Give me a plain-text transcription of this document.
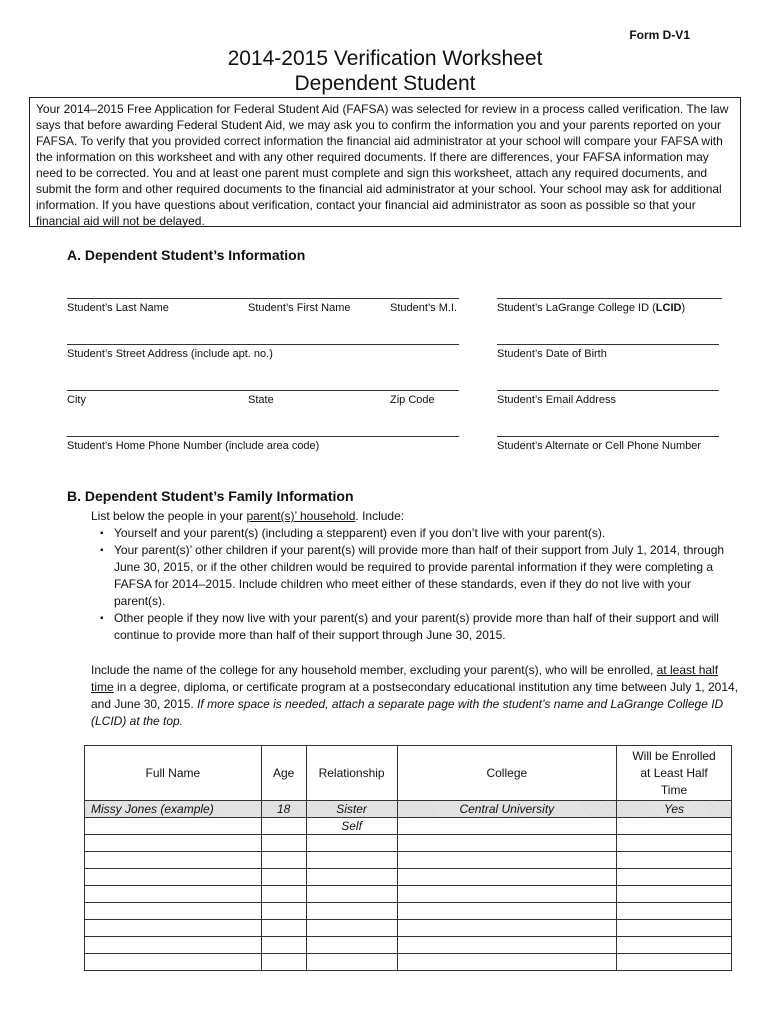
Form D-V1
2014-2015 Verification Worksheet
Dependent Student
Your 2014–2015 Free Application for Federal Student Aid (FAFSA) was selected for review in a process called verification. The law says that before awarding Federal Student Aid, we may ask you to confirm the information you and your parents reported on your FAFSA. To verify that you provided correct information the financial aid administrator at your school will compare your FAFSA with the information on this worksheet and with any other required documents. If there are differences, your FAFSA information may need to be corrected. You and at least one parent must complete and sign this worksheet, attach any required documents, and submit the form and other required documents to the financial aid administrator at your school. Your school may ask for additional information. If you have questions about verification, contact your financial aid administrator as soon as possible so that your financial aid will not be delayed.
A. Dependent Student’s Information
Student’s Last Name	Student’s First Name	Student’s M.I.	Student’s LaGrange College ID (LCID)
Student’s Street Address (include apt. no.)	Student’s Date of Birth
City	State	Zip Code	Student’s Email Address
Student’s Home Phone Number (include area code)	Student’s Alternate or Cell Phone Number
B. Dependent Student’s Family Information
List below the people in your parent(s)’ household. Include:
▪ Yourself and your parent(s) (including a stepparent) even if you don’t live with your parent(s).
▪ Your parent(s)’ other children if your parent(s) will provide more than half of their support from July 1, 2014, through June 30, 2015, or if the other children would be required to provide parental information if they were completing a FAFSA for 2014–2015. Include children who meet either of these standards, even if they do not live with your parent(s).
▪ Other people if they now live with your parent(s) and your parent(s) provide more than half of their support and will continue to provide more than half of their support through June 30, 2015.
Include the name of the college for any household member, excluding your parent(s), who will be enrolled, at least half time in a degree, diploma, or certificate program at a postsecondary educational institution any time between July 1, 2014, and June 30, 2015. If more space is needed, attach a separate page with the student’s name and LaGrange College ID (LCID) at the top.
Full Name	Age	Relationship	College	Will be Enrolled at Least Half Time
Missy Jones (example)	18	Sister	Central University	Yes
		Self		
